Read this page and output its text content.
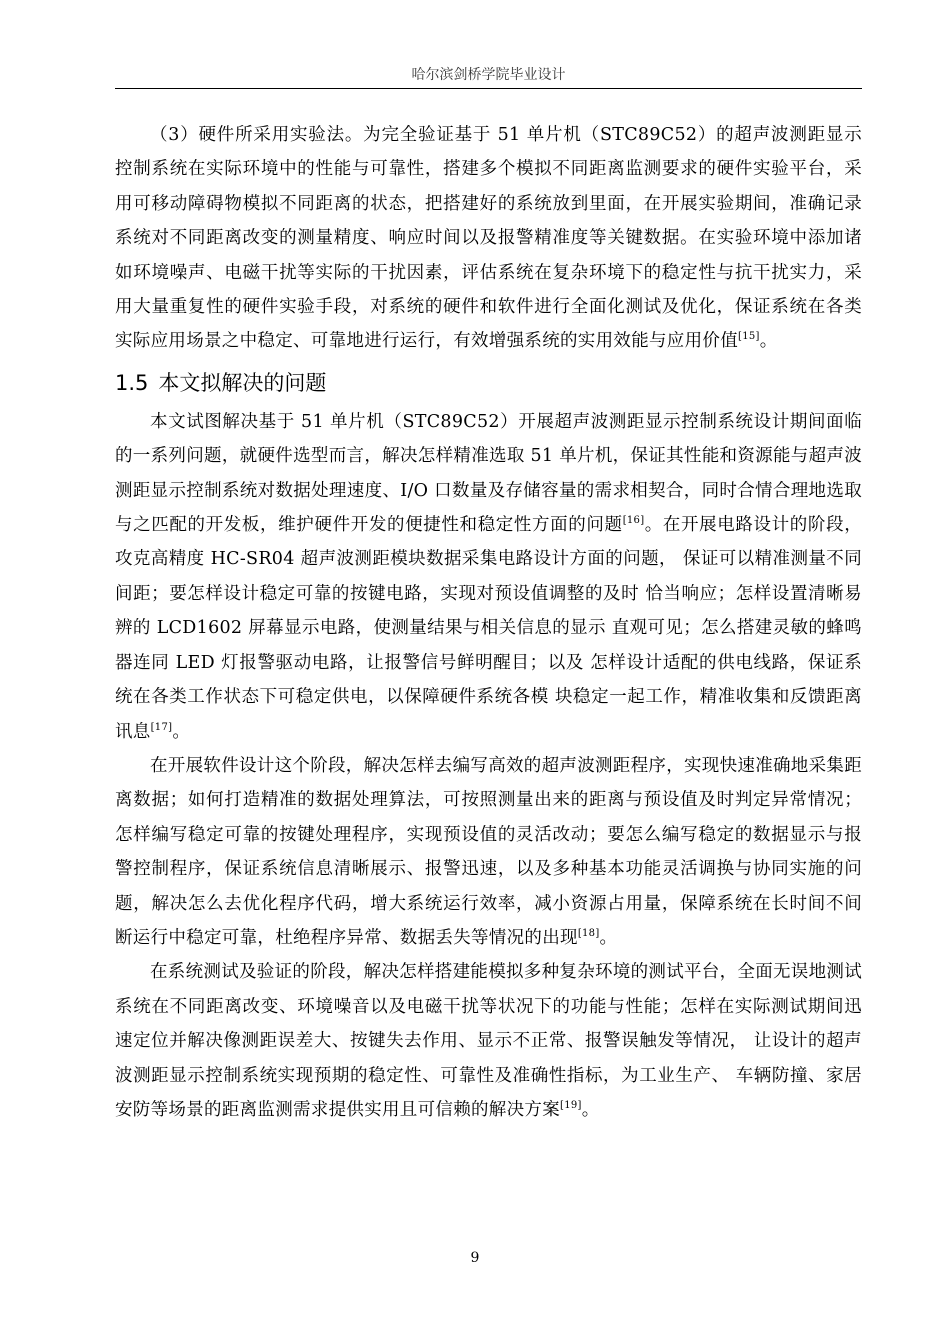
哈尔滨剑桥学院毕业设计

（3）硬件所采用实验法。为完全验证基于 51 单片机（STC89C52）的超声波测距显示控制系统在实际环境中的性能与可靠性，搭建多个模拟不同距离监测要求的硬件实验平台，采用可移动障碍物模拟不同距离的状态，把搭建好的系统放到里面，在开展实验期间，准确记录系统对不同距离改变的测量精度、响应时间以及报警精准度等关键数据。在实验环境中添加诸如环境噪声、电磁干扰等实际的干扰因素，评估系统在复杂环境下的稳定性与抗干扰实力，采用大量重复性的硬件实验手段，对系统的硬件和软件进行全面化测试及优化，保证系统在各类实际应用场景之中稳定、可靠地进行运行，有效增强系统的实用效能与应用价值[15]。

1.5 本文拟解决的问题

本文试图解决基于 51 单片机（STC89C52）开展超声波测距显示控制系统设计期间面临的一系列问题，就硬件选型而言，解决怎样精准选取 51 单片机，保证其性能和资源能与超声波测距显示控制系统对数据处理速度、I/O 口数量及存储容量的需求相契合，同时合情合理地选取与之匹配的开发板，维护硬件开发的便捷性和稳定性方面的问题[16]。在开展电路设计的阶段，攻克高精度 HC-SR04 超声波测距模块数据采集电路设计方面的问题， 保证可以精准测量不同间距；要怎样设计稳定可靠的按键电路，实现对预设值调整的及时 恰当响应；怎样设置清晰易辨的 LCD1602 屏幕显示电路，使测量结果与相关信息的显示 直观可见；怎么搭建灵敏的蜂鸣器连同 LED 灯报警驱动电路，让报警信号鲜明醒目；以及 怎样设计适配的供电线路，保证系统在各类工作状态下可稳定供电，以保障硬件系统各模 块稳定一起工作，精准收集和反馈距离讯息[17]。

在开展软件设计这个阶段，解决怎样去编写高效的超声波测距程序，实现快速准确地采集距离数据；如何打造精准的数据处理算法，可按照测量出来的距离与预设值及时判定异常情况；怎样编写稳定可靠的按键处理程序，实现预设值的灵活改动；要怎么编写稳定的数据显示与报警控制程序，保证系统信息清晰展示、报警迅速，以及多种基本功能灵活调换与协同实施的问题，解决怎么去优化程序代码，增大系统运行效率，减小资源占用量，保障系统在长时间不间断运行中稳定可靠，杜绝程序异常、数据丢失等情况的出现[18]。

在系统测试及验证的阶段，解决怎样搭建能模拟多种复杂环境的测试平台，全面无误地测试系统在不同距离改变、环境噪音以及电磁干扰等状况下的功能与性能；怎样在实际测试期间迅速定位并解决像测距误差大、按键失去作用、显示不正常、报警误触发等情况， 让设计的超声波测距显示控制系统实现预期的稳定性、可靠性及准确性指标，为工业生产、 车辆防撞、家居安防等场景的距离监测需求提供实用且可信赖的解决方案[19]。

9
